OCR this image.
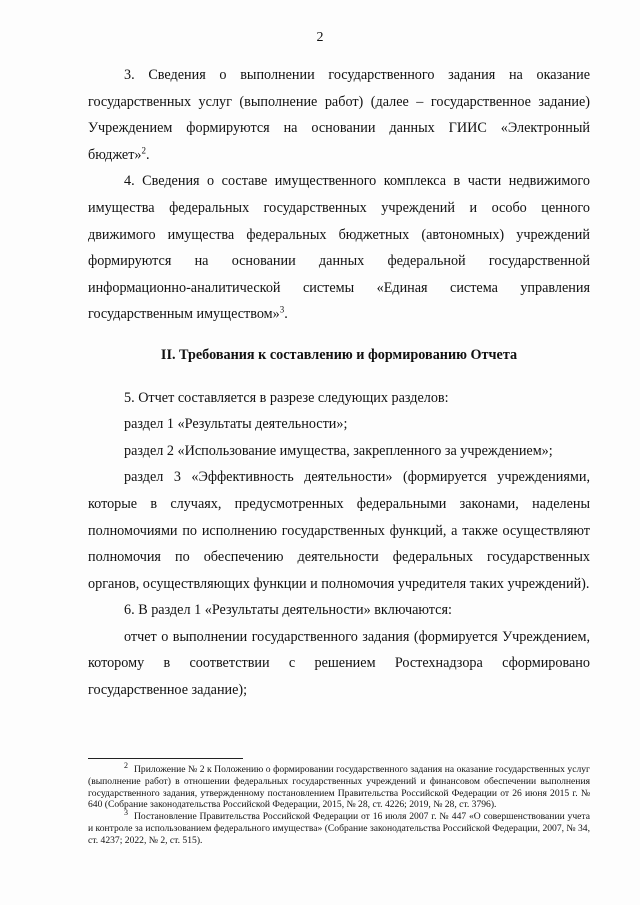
2

3. Сведения о выполнении государственного задания на оказание государственных услуг (выполнение работ) (далее – государственное задание) Учреждением формируются на основании данных ГИИС «Электронный бюджет»$^2$.

4. Сведения о составе имущественного комплекса в части недвижимого имущества федеральных государственных учреждений и особо ценного движимого имущества федеральных бюджетных (автономных) учреждений формируются на основании данных федеральной государственной информационно-аналитической системы «Единая система управления государственным имуществом»$^3$.

II. Требования к составлению и формированию Отчета

5. Отчет составляется в разрезе следующих разделов:

раздел 1 «Результаты деятельности»;

раздел 2 «Использование имущества, закрепленного за учреждением»;

раздел 3 «Эффективность деятельности» (формируется учреждениями, которые в случаях, предусмотренных федеральными законами, наделены полномочиями по исполнению государственных функций, а также осуществляют полномочия по обеспечению деятельности федеральных государственных органов, осуществляющих функции и полномочия учредителя таких учреждений).

6. В раздел 1 «Результаты деятельности» включаются:

отчет о выполнении государственного задания (формируется Учреждением, которому в соответствии с решением Ростехнадзора сформировано государственное задание);

$^2$ Приложение № 2 к Положению о формировании государственного задания на оказание государственных услуг (выполнение работ) в отношении федеральных государственных учреждений и финансовом обеспечении выполнения государственного задания, утвержденному постановлением Правительства Российской Федерации от 26 июня 2015 г. № 640 (Собрание законодательства Российской Федерации, 2015, № 28, ст. 4226; 2019, № 28, ст. 3796).

$^3$ Постановление Правительства Российской Федерации от 16 июля 2007 г. № 447 «О совершенствовании учета и контроле за использованием федерального имущества» (Собрание законодательства Российской Федерации, 2007, № 34, ст. 4237; 2022, № 2, ст. 515).
